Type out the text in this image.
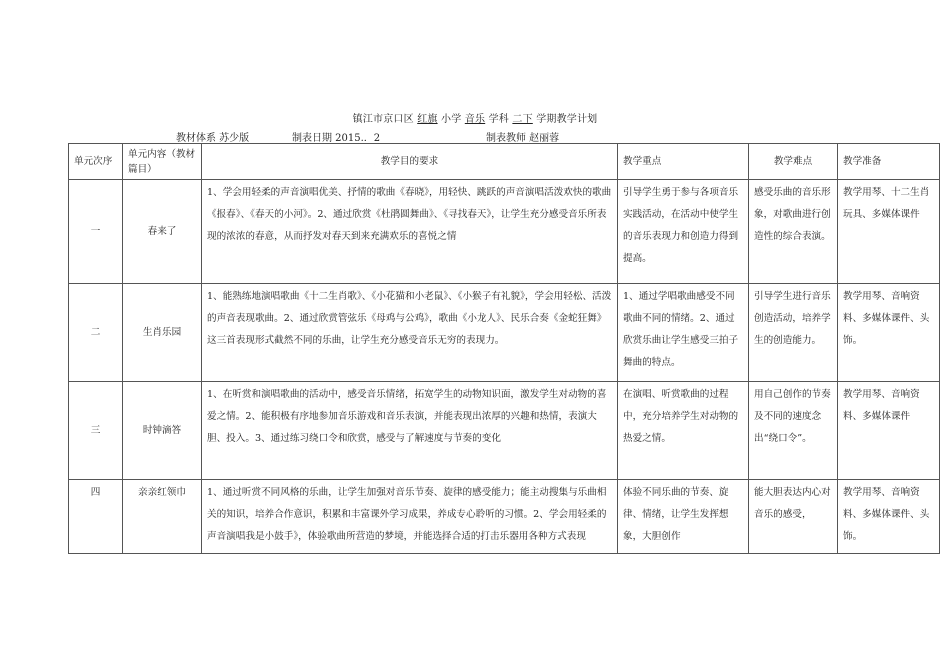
镇江市京口区 红旗 小学 音乐 学科 二下 学期教学计划
教材体系 苏少版	制表日期 2015.．2	制表教师 赵丽蓉
单元次序	单元内容（教材篇目）	教学目的要求	教学重点	教学难点	教学准备
一	春来了	1、学会用轻柔的声音演唱优美、抒情的歌曲《春晓》，用轻快、跳跃的声音演唱活泼欢快的歌曲《报春》、《春天的小河》。2、通过欣赏《杜鹃圆舞曲》、《寻找春天》，让学生充分感受音乐所表现的浓浓的春意，从而抒发对春天到来充满欢乐的喜悦之情	引导学生勇于参与各项音乐实践活动，在活动中使学生的音乐表现力和创造力得到提高。	感受乐曲的音乐形象，对歌曲进行创造性的综合表演。	教学用琴、十二生肖玩具、多媒体课件
二	生肖乐园	1、能熟练地演唱歌曲《十二生肖歌》、《小花猫和小老鼠》、《小猴子有礼貌》，学会用轻松、活泼的声音表现歌曲。2、通过欣赏管弦乐《母鸡与公鸡》，歌曲《小龙人》、民乐合奏《金蛇狂舞》这三首表现形式截然不同的乐曲，让学生充分感受音乐无穷的表现力。	1、通过学唱歌曲感受不同歌曲不同的情绪。2、通过欣赏乐曲让学生感受三拍子舞曲的特点。	引导学生进行音乐创造活动，培养学生的创造能力。	教学用琴、音响资料、多媒体课件、头饰。
三	时钟滴答	1、在听赏和演唱歌曲的活动中，感受音乐情绪，拓宽学生的动物知识面，激发学生对动物的喜爱之情。2、能积极有序地参加音乐游戏和音乐表演，并能表现出浓厚的兴趣和热情，表演大胆、投入。3、通过练习绕口令和欣赏，感受与了解速度与节奏的变化	在演唱、听赏歌曲的过程中，充分培养学生对动物的热爱之情。	用自己创作的节奏及不同的速度念出“绕口令”。	教学用琴、音响资料、多媒体课件
四	亲亲红领巾	1、通过听赏不同风格的乐曲，让学生加强对音乐节奏、旋律的感受能力；能主动搜集与乐曲相关的知识，培养合作意识，积累和丰富课外学习成果，养成专心聆听的习惯。2、学会用轻柔的声音演唱我是小鼓手》，体验歌曲所营造的梦境，并能选择合适的打击乐器用各种方式表现	体验不同乐曲的节奏、旋律、情绪，让学生发挥想象，大胆创作	能大胆表达内心对音乐的感受，	教学用琴、音响资料、多媒体课件、头饰。
